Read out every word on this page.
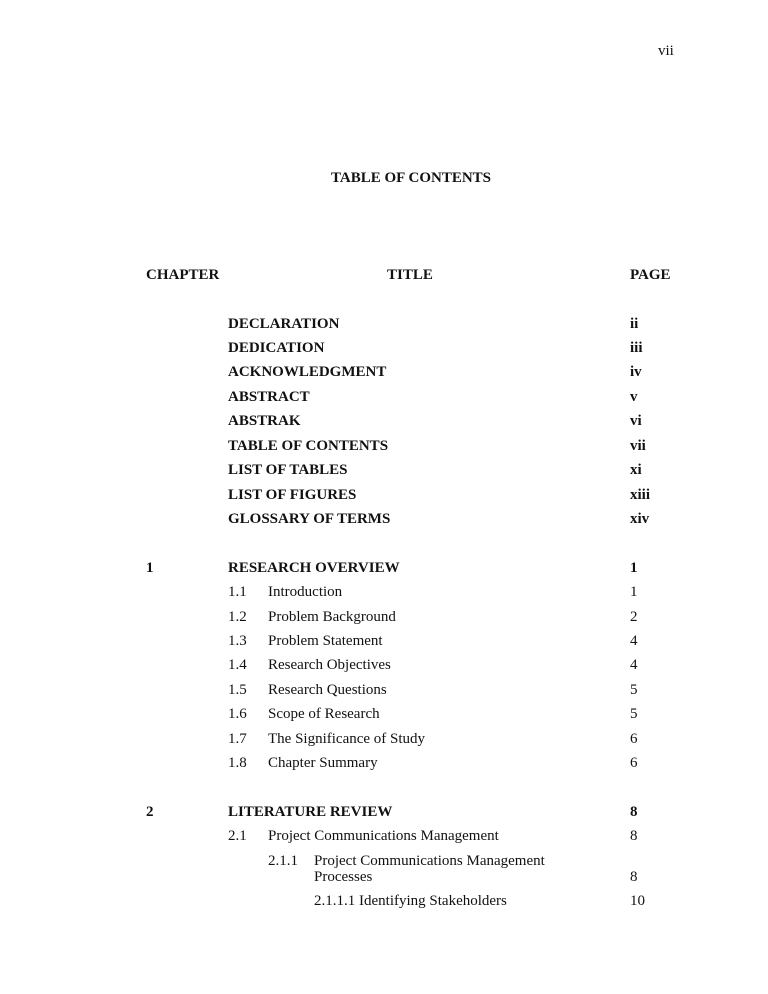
vii
TABLE OF CONTENTS
CHAPTER	TITLE	PAGE
DECLARATION	ii
DEDICATION	iii
ACKNOWLEDGMENT	iv
ABSTRACT	v
ABSTRAK	vi
TABLE OF CONTENTS	vii
LIST OF TABLES	xi
LIST OF FIGURES	xiii
GLOSSARY OF TERMS	xiv
1	RESEARCH OVERVIEW	1
1.1 Introduction	1
1.2 Problem Background	2
1.3 Problem Statement	4
1.4 Research Objectives	4
1.5 Research Questions	5
1.6 Scope of Research	5
1.7 The Significance of Study	6
1.8 Chapter Summary	6
2	LITERATURE REVIEW	8
2.1 Project Communications Management	8
2.1.1 Project Communications Management
Processes	8
2.1.1.1 Identifying Stakeholders	10
